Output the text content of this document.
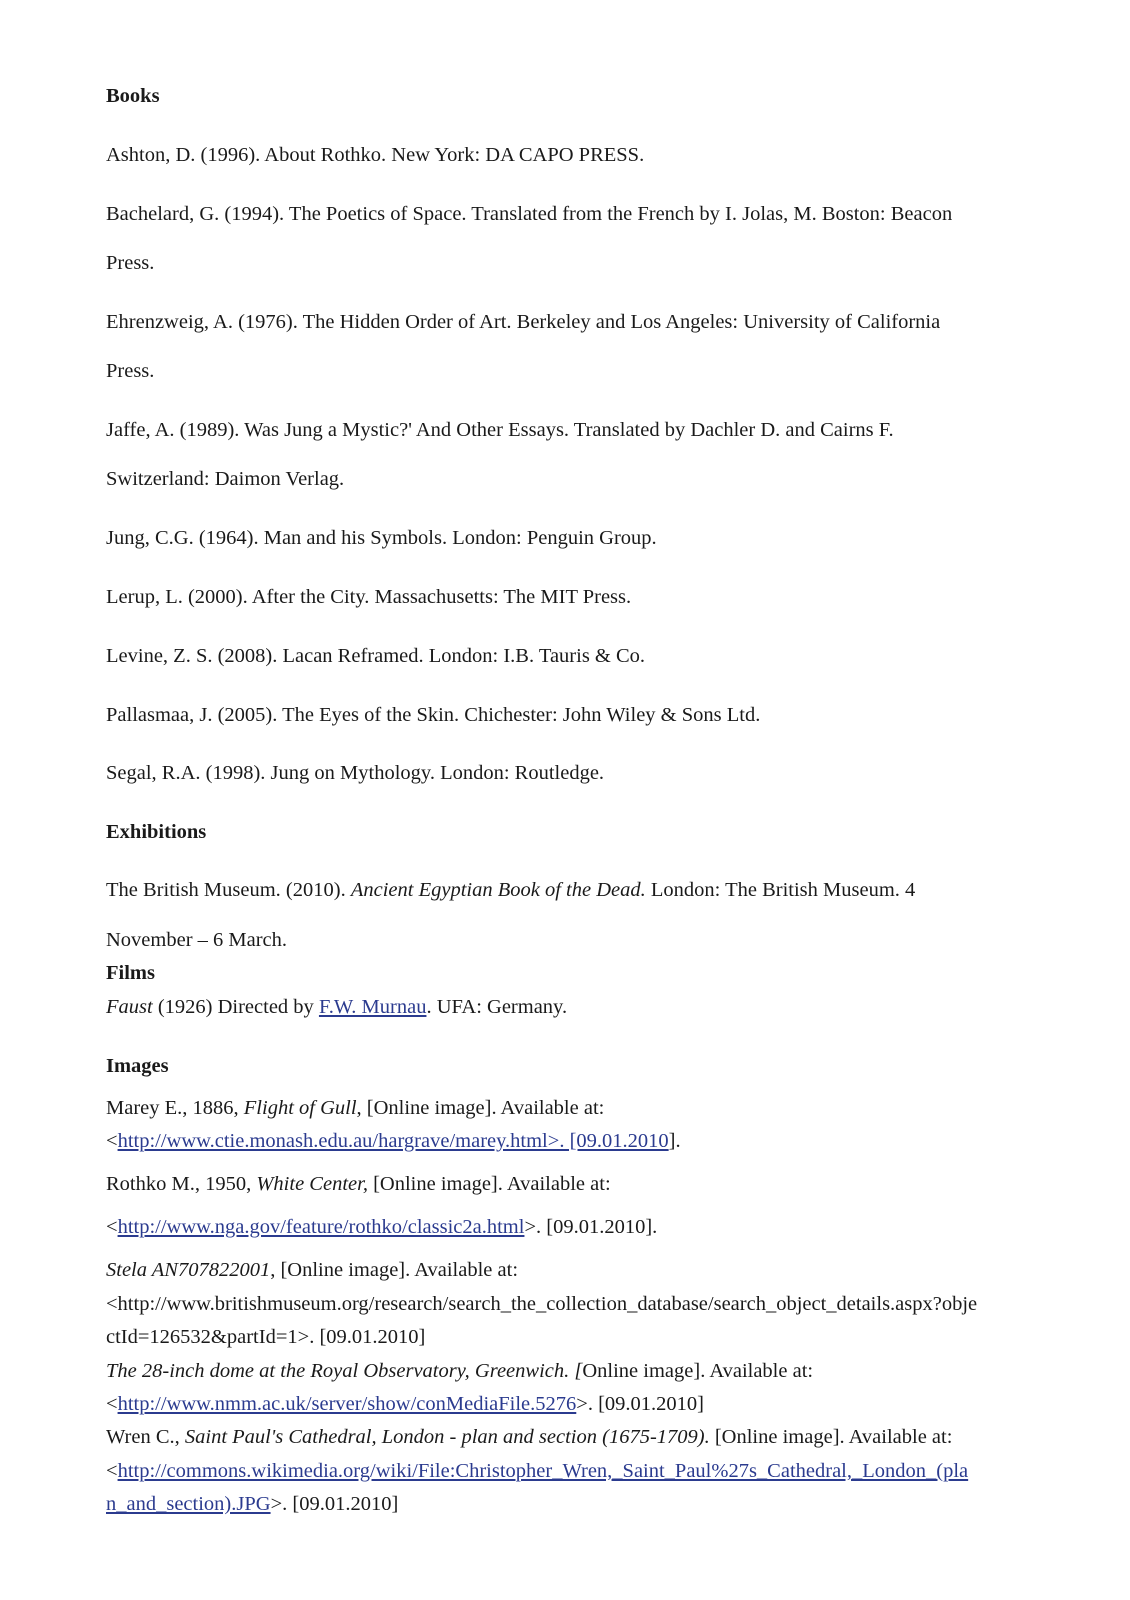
Books
Ashton, D. (1996). About Rothko. New York: DA CAPO PRESS.
Bachelard, G. (1994). The Poetics of Space. Translated from the French by I. Jolas, M. Boston: Beacon
Press.
Ehrenzweig, A. (1976). The Hidden Order of Art. Berkeley and Los Angeles: University of California
Press.
Jaffe, A. (1989). Was Jung a Mystic?' And Other Essays. Translated by Dachler D. and Cairns F.
Switzerland: Daimon Verlag.
Jung, C.G. (1964). Man and his Symbols. London: Penguin Group.
Lerup, L. (2000). After the City. Massachusetts: The MIT Press.
Levine, Z. S. (2008). Lacan Reframed. London: I.B. Tauris & Co.
Pallasmaa, J. (2005). The Eyes of the Skin. Chichester: John Wiley & Sons Ltd.
Segal, R.A. (1998). Jung on Mythology. London: Routledge.
Exhibitions
The British Museum. (2010). Ancient Egyptian Book of the Dead. London: The British Museum. 4
November – 6 March.
Films
Faust (1926) Directed by F.W. Murnau. UFA: Germany.
Images
Marey E., 1886, Flight of Gull, [Online image]. Available at:
<http://www.ctie.monash.edu.au/hargrave/marey.html>. [09.01.2010].
Rothko M., 1950, White Center, [Online image]. Available at:
<http://www.nga.gov/feature/rothko/classic2a.html>. [09.01.2010].
Stela AN707822001, [Online image]. Available at:
<http://www.britishmuseum.org/research/search_the_collection_database/search_object_details.aspx?obje
ctId=126532&partId=1>. [09.01.2010]
The 28-inch dome at the Royal Observatory, Greenwich. [Online image]. Available at:
<http://www.nmm.ac.uk/server/show/conMediaFile.5276>. [09.01.2010]
Wren C., Saint Paul's Cathedral, London - plan and section (1675-1709). [Online image]. Available at:
<http://commons.wikimedia.org/wiki/File:Christopher_Wren,_Saint_Paul%27s_Cathedral,_London_(pla
n_and_section).JPG>. [09.01.2010]
